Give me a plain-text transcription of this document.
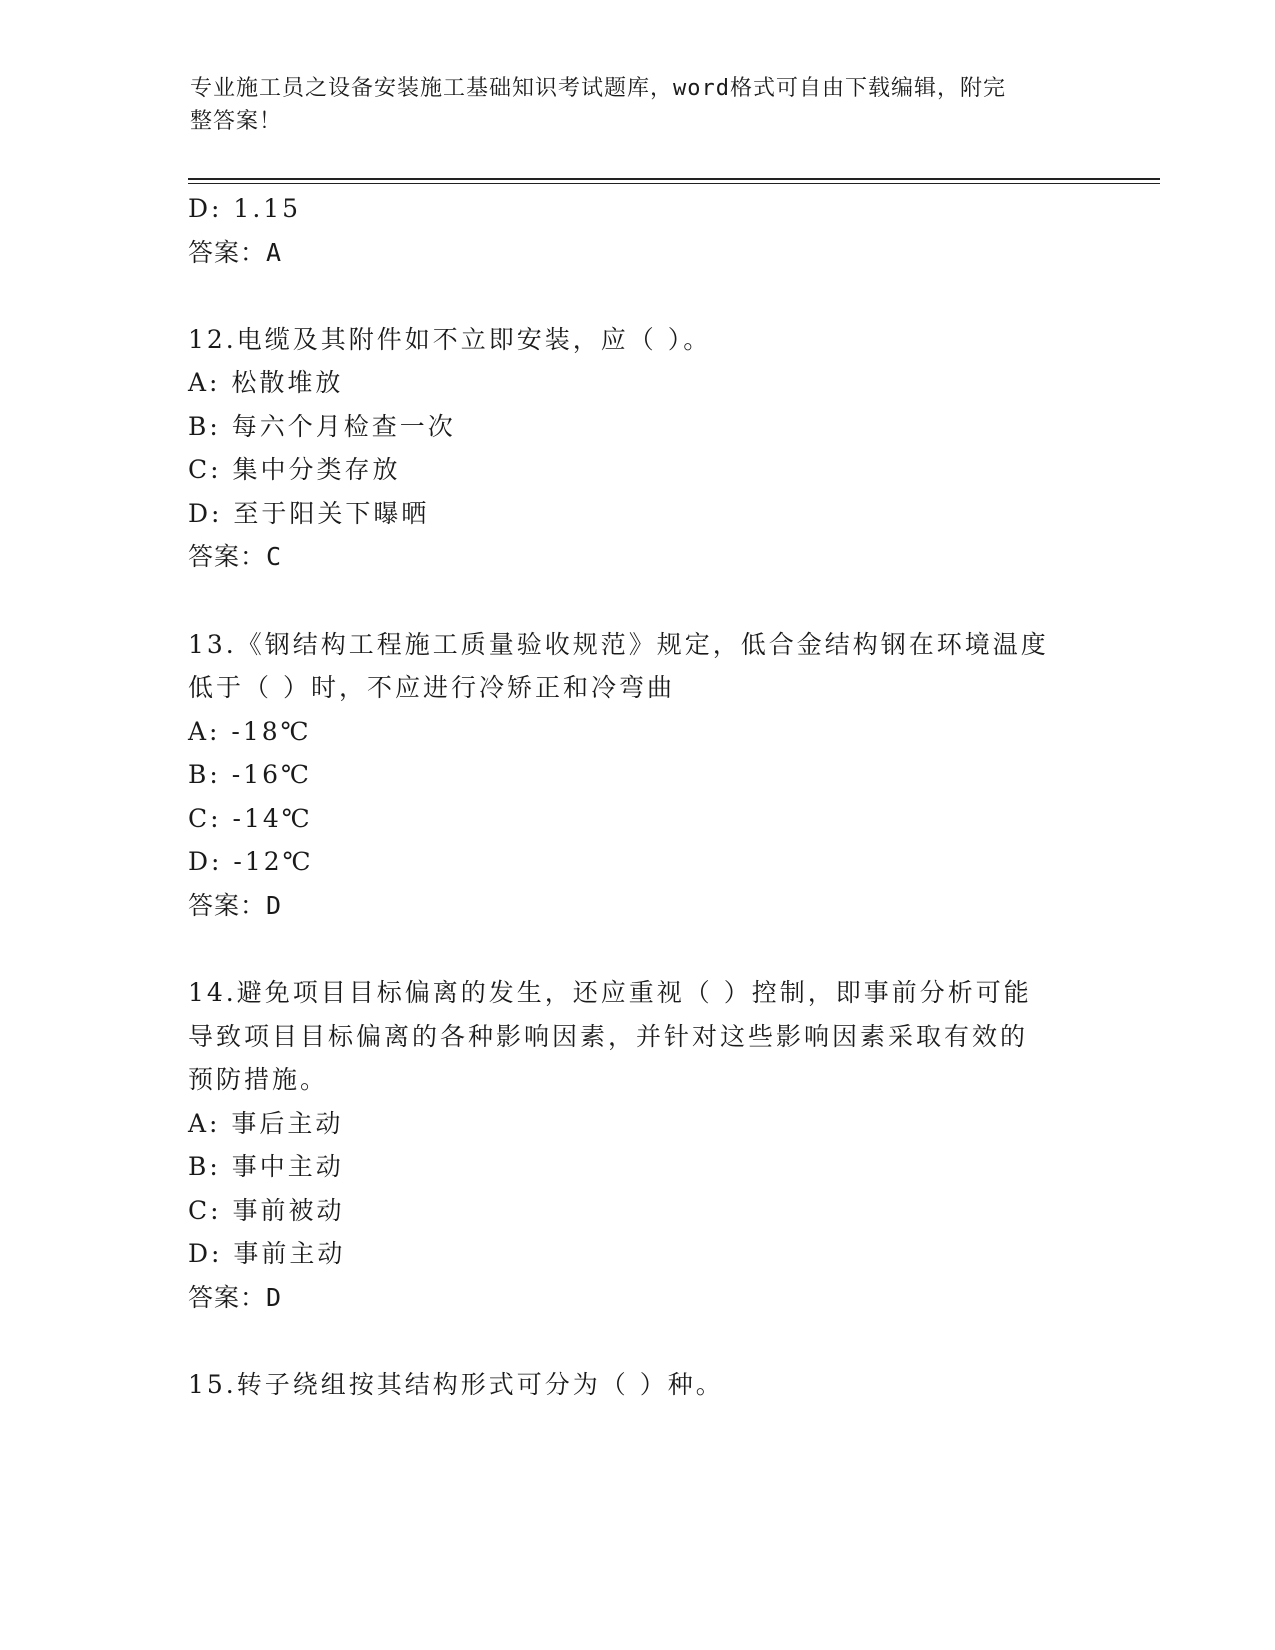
专业施工员之设备安装施工基础知识考试题库，word格式可自由下载编辑，附完
整答案！
D: 1.15
答案：A
12.电缆及其附件如不立即安装，应（ ）。
A: 松散堆放
B: 每六个月检查一次
C: 集中分类存放
D: 至于阳关下曝晒
答案：C
13.《钢结构工程施工质量验收规范》规定，低合金结构钢在环境温度
低于（ ）时，不应进行冷矫正和冷弯曲
A: -18℃
B: -16℃
C: -14℃
D: -12℃
答案：D
14.避免项目目标偏离的发生，还应重视（ ）控制，即事前分析可能
导致项目目标偏离的各种影响因素，并针对这些影响因素采取有效的
预防措施。
A: 事后主动
B: 事中主动
C: 事前被动
D: 事前主动
答案：D
15.转子绕组按其结构形式可分为（ ）种。
